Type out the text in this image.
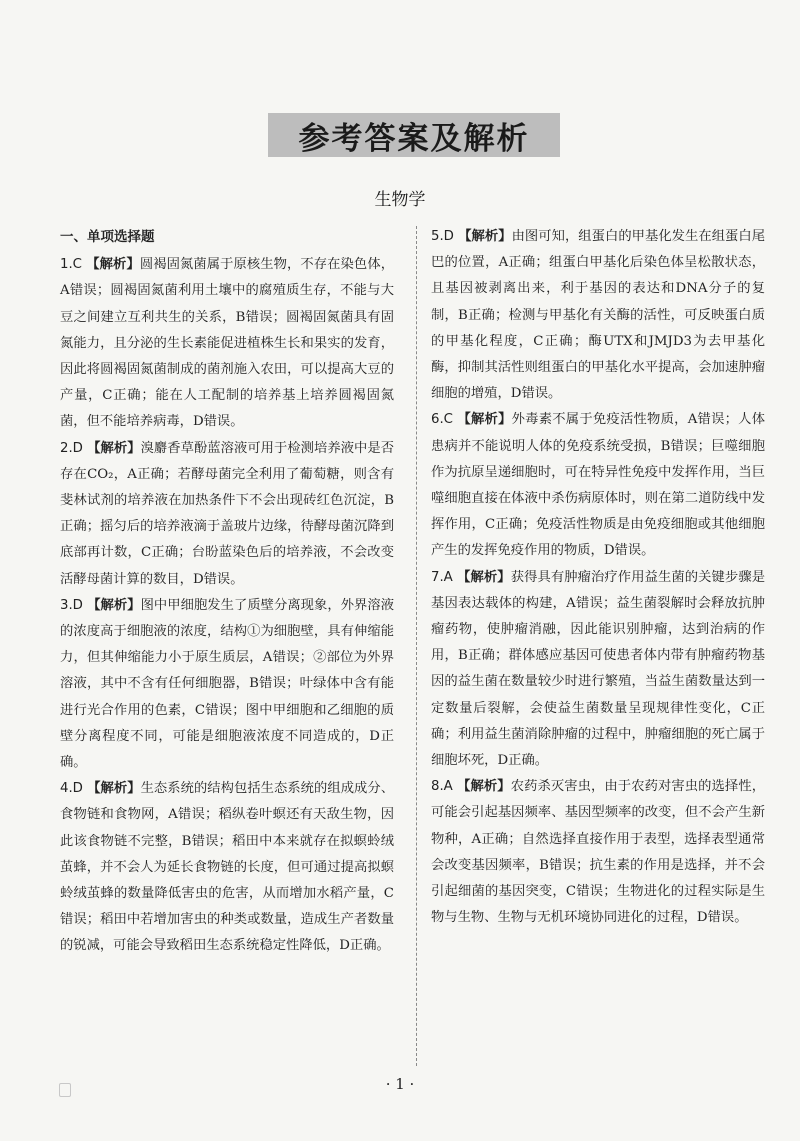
参考答案及解析
生物学
一、单项选择题
1.C 【解析】圆褐固氮菌属于原核生物，不存在染色体，A错误；圆褐固氮菌利用土壤中的腐殖质生存，不能与大豆之间建立互利共生的关系，B错误；圆褐固氮菌具有固氮能力，且分泌的生长素能促进植株生长和果实的发育，因此将圆褐固氮菌制成的菌剂施入农田，可以提高大豆的产量，C正确；能在人工配制的培养基上培养圆褐固氮菌，但不能培养病毒，D错误。
2.D 【解析】溴麝香草酚蓝溶液可用于检测培养液中是否存在CO₂，A正确；若酵母菌完全利用了葡萄糖，则含有斐林试剂的培养液在加热条件下不会出现砖红色沉淀，B正确；摇匀后的培养液滴于盖玻片边缘，待酵母菌沉降到底部再计数，C正确；台盼蓝染色后的培养液，不会改变活酵母菌计算的数目，D错误。
3.D 【解析】图中甲细胞发生了质壁分离现象，外界溶液的浓度高于细胞液的浓度，结构①为细胞壁，具有伸缩能力，但其伸缩能力小于原生质层，A错误；②部位为外界溶液，其中不含有任何细胞器，B错误；叶绿体中含有能进行光合作用的色素，C错误；图中甲细胞和乙细胞的质壁分离程度不同，可能是细胞液浓度不同造成的，D正确。
4.D 【解析】生态系统的结构包括生态系统的组成成分、食物链和食物网，A错误；稻纵卷叶螟还有天敌生物，因此该食物链不完整，B错误；稻田中本来就存在拟螟蛉绒茧蜂，并不会人为延长食物链的长度，但可通过提高拟螟蛉绒茧蜂的数量降低害虫的危害，从而增加水稻产量，C错误；稻田中若增加害虫的种类或数量，造成生产者数量的锐减，可能会导致稻田生态系统稳定性降低，D正确。
5.D 【解析】由图可知，组蛋白的甲基化发生在组蛋白尾巴的位置，A正确；组蛋白甲基化后染色体呈松散状态，且基因被剥离出来，利于基因的表达和DNA分子的复制，B正确；检测与甲基化有关酶的活性，可反映蛋白质的甲基化程度，C正确；酶UTX和JMJD3为去甲基化酶，抑制其活性则组蛋白的甲基化水平提高，会加速肿瘤细胞的增殖，D错误。
6.C 【解析】外毒素不属于免疫活性物质，A错误；人体患病并不能说明人体的免疫系统受损，B错误；巨噬细胞作为抗原呈递细胞时，可在特异性免疫中发挥作用，当巨噬细胞直接在体液中杀伤病原体时，则在第二道防线中发挥作用，C正确；免疫活性物质是由免疫细胞或其他细胞产生的发挥免疫作用的物质，D错误。
7.A 【解析】获得具有肿瘤治疗作用益生菌的关键步骤是基因表达载体的构建，A错误；益生菌裂解时会释放抗肿瘤药物，使肿瘤消融，因此能识别肿瘤，达到治病的作用，B正确；群体感应基因可使患者体内带有肿瘤药物基因的益生菌在数量较少时进行繁殖，当益生菌数量达到一定数量后裂解，会使益生菌数量呈现规律性变化，C正确；利用益生菌消除肿瘤的过程中，肿瘤细胞的死亡属于细胞坏死，D正确。
8.A 【解析】农药杀灭害虫，由于农药对害虫的选择性，可能会引起基因频率、基因型频率的改变，但不会产生新物种，A正确；自然选择直接作用于表型，选择表型通常会改变基因频率，B错误；抗生素的作用是选择，并不会引起细菌的基因突变，C错误；生物进化的过程实际是生物与生物、生物与无机环境协同进化的过程，D错误。
· 1 ·
